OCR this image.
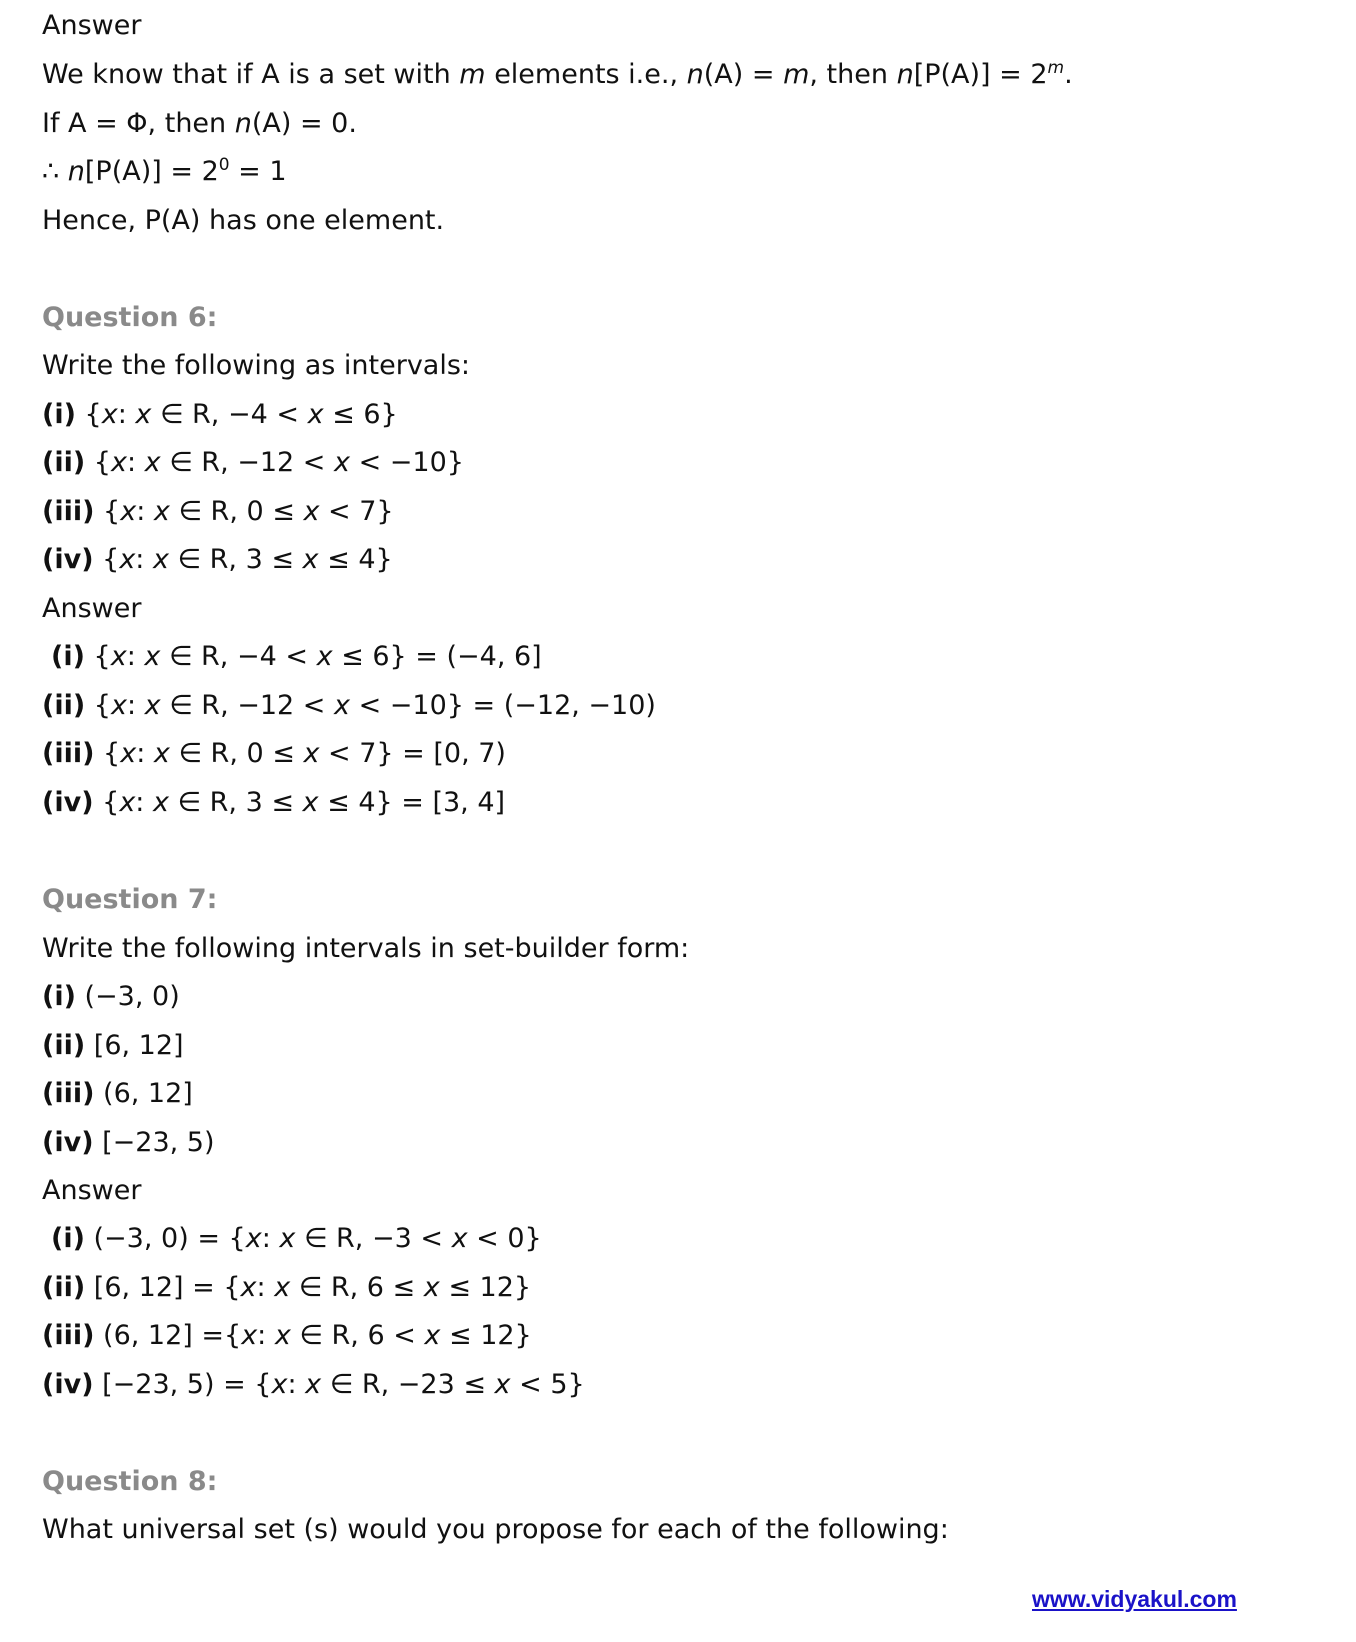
Answer
We know that if A is a set with m elements i.e., n(A) = m, then $n[P(A)] = 2^m$.
If A = Φ, then n(A) = 0.
∴ $n[P(A)] = 2^0 = 1$
Hence, P(A) has one element.
Question 6:
Write the following as intervals:
(i) {x: x ∈ R, −4 < x ≤ 6}
(ii) {x: x ∈ R, −12 < x < −10}
(iii) {x: x ∈ R, 0 ≤ x < 7}
(iv) {x: x ∈ R, 3 ≤ x ≤ 4}
Answer
(i) {x: x ∈ R, −4 < x ≤ 6} = (−4, 6]
(ii) {x: x ∈ R, −12 < x < −10} = (−12, −10)
(iii) {x: x ∈ R, 0 ≤ x < 7} = [0, 7)
(iv) {x: x ∈ R, 3 ≤ x ≤ 4} = [3, 4]
Question 7:
Write the following intervals in set-builder form:
(i) (−3, 0)
(ii) [6, 12]
(iii) (6, 12]
(iv) [−23, 5)
Answer
(i) (−3, 0) = {x: x ∈ R, −3 < x < 0}
(ii) [6, 12] = {x: x ∈ R, 6 ≤ x ≤ 12}
(iii) (6, 12] ={x: x ∈ R, 6 < x ≤ 12}
(iv) [−23, 5) = {x: x ∈ R, −23 ≤ x < 5}
Question 8:
What universal set (s) would you propose for each of the following:
www.vidyakul.com
